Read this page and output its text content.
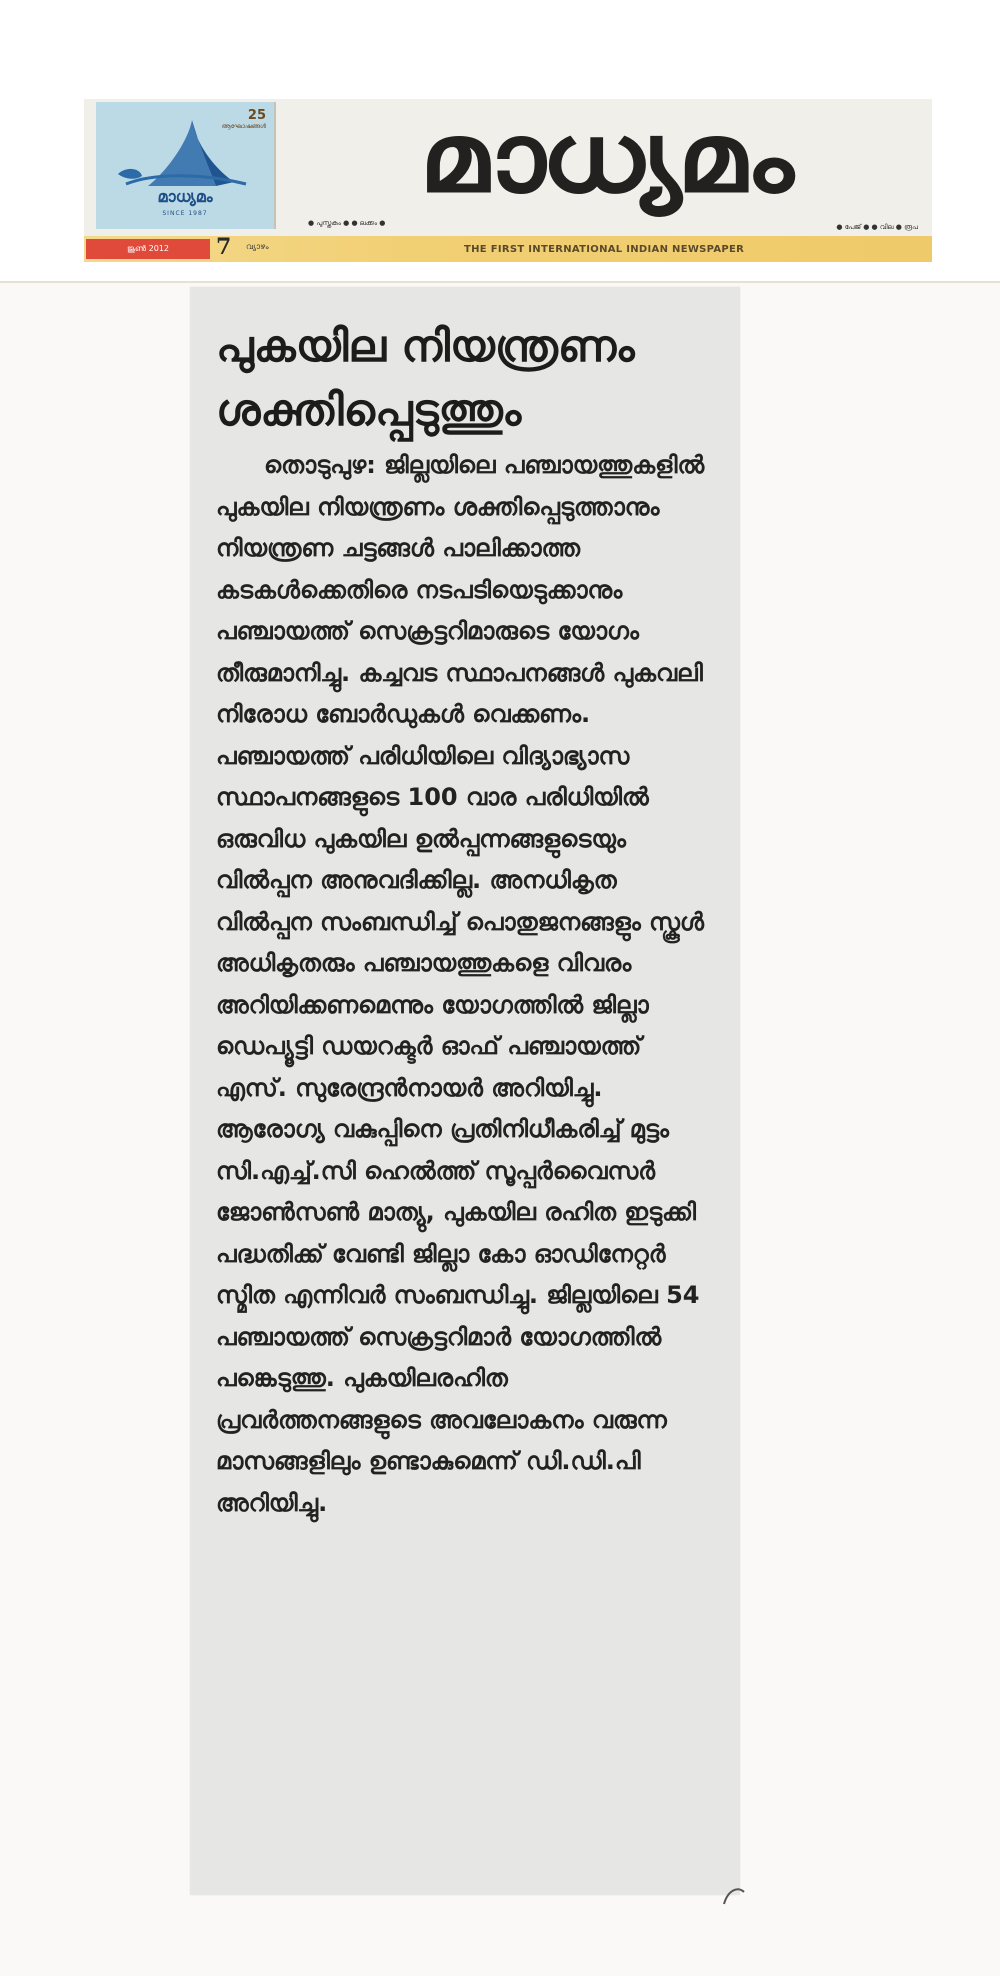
25
ആഘോഷങ്ങൾ
മാധ്യമം
SINCE 1987	മാധ്യമം
● പുസ്തകം ● ● ലക്കം ●	● പേജ് ● ● വില ● രൂപ
ജൂൺ 2012	7 വ്യാഴം	THE FIRST INTERNATIONAL INDIAN NEWSPAPER
പുകയില നിയന്ത്രണം
ശക്തിപ്പെടുത്തും

തൊടുപുഴ: ജില്ലയിലെ പഞ്ചായത്തുകളിൽ പുകയില നിയന്ത്രണം ശക്തിപ്പെടുത്താനും നിയന്ത്രണ ചട്ടങ്ങൾ പാലിക്കാത്ത കടകൾക്കെതിരെ നടപടിയെടുക്കാനും പഞ്ചായത്ത് സെക്രട്ടറിമാരുടെ യോഗം തീരുമാനിച്ചു. കച്ചവട സ്ഥാപനങ്ങൾ പുകവലി നിരോധ ബോർഡുകൾ വെക്കണം. പഞ്ചായത്ത് പരിധിയിലെ വിദ്യാഭ്യാസ സ്ഥാപനങ്ങളുടെ 100 വാര പരിധിയിൽ ഒരുവിധ പുകയില ഉൽപ്പന്നങ്ങളുടെയും വിൽപ്പന അനുവദിക്കില്ല. അനധികൃത വിൽപ്പന സംബന്ധിച്ച് പൊതുജനങ്ങളും സ്കൂൾ അധികൃതരും പഞ്ചായത്തുകളെ വിവരം അറിയിക്കണമെന്നും യോഗത്തിൽ ജില്ലാ ഡെപ്യൂട്ടി ഡയറക്ടർ ഓഫ് പഞ്ചായത്ത് എസ്. സുരേന്ദ്രൻനായർ അറിയിച്ചു. ആരോഗ്യ വകുപ്പിനെ പ്രതിനിധീകരിച്ച് മുട്ടം സി.എച്ച്.സി ഹെൽത്ത് സൂപ്പർവൈസർ ജോൺസൺ മാത്യു, പുകയില രഹിത ഇടുക്കി പദ്ധതിക്ക് വേണ്ടി ജില്ലാ കോ ഓഡിനേറ്റർ സ്മിത എന്നിവർ സംബന്ധിച്ചു. ജില്ലയിലെ 54 പഞ്ചായത്ത് സെക്രട്ടറിമാർ യോഗത്തിൽ പങ്കെടുത്തു. പുകയിലരഹിത പ്രവർത്തനങ്ങളുടെ അവലോകനം വരുന്ന മാസങ്ങളിലും ഉണ്ടാകുമെന്ന് ഡി.ഡി.പി അറിയിച്ചു.
